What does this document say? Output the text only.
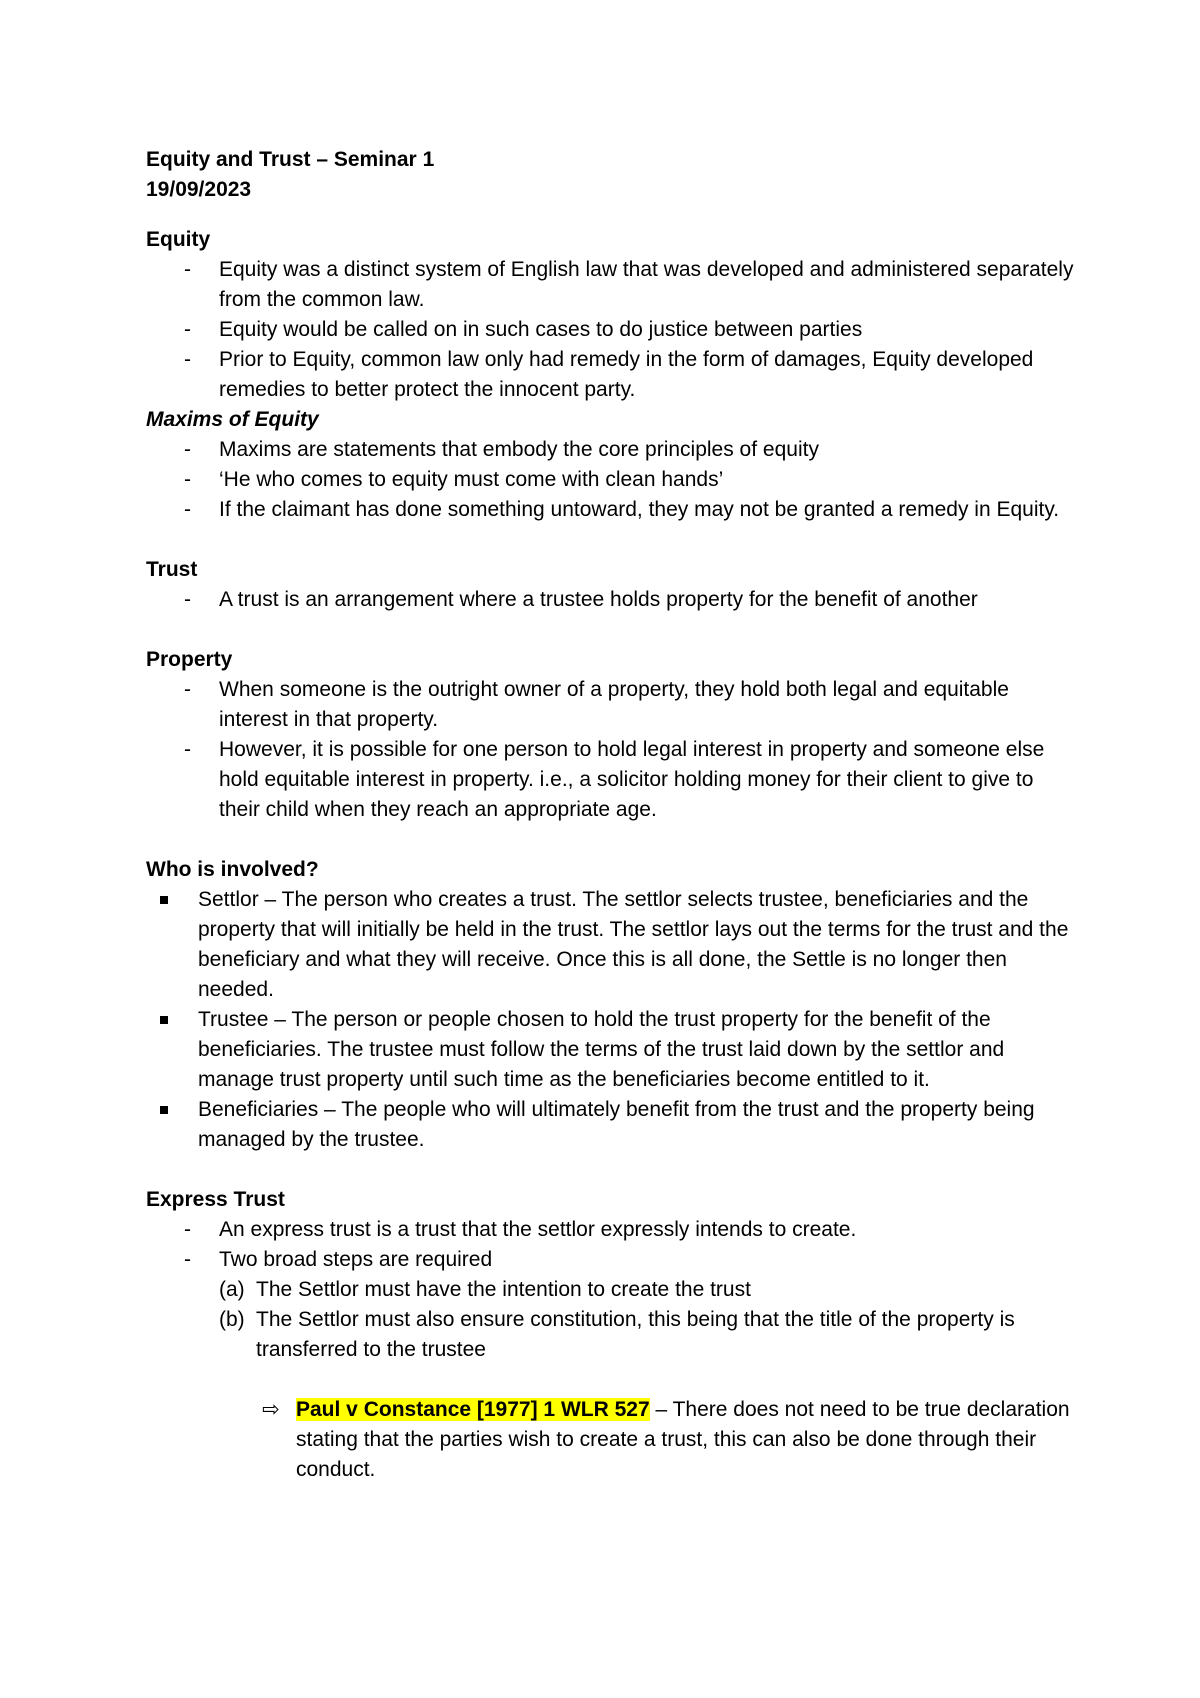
Equity and Trust – Seminar 1
19/09/2023
Equity
- Equity was a distinct system of English law that was developed and administered separately from the common law.
- Equity would be called on in such cases to do justice between parties
- Prior to Equity, common law only had remedy in the form of damages, Equity developed remedies to better protect the innocent party.
Maxims of Equity
- Maxims are statements that embody the core principles of equity
- ‘He who comes to equity must come with clean hands’
- If the claimant has done something untoward, they may not be granted a remedy in Equity.
Trust
- A trust is an arrangement where a trustee holds property for the benefit of another
Property
- When someone is the outright owner of a property, they hold both legal and equitable interest in that property.
- However, it is possible for one person to hold legal interest in property and someone else hold equitable interest in property. i.e., a solicitor holding money for their client to give to their child when they reach an appropriate age.
Who is involved?
Settlor – The person who creates a trust. The settlor selects trustee, beneficiaries and the property that will initially be held in the trust. The settlor lays out the terms for the trust and the beneficiary and what they will receive. Once this is all done, the Settle is no longer then needed.
Trustee – The person or people chosen to hold the trust property for the benefit of the beneficiaries. The trustee must follow the terms of the trust laid down by the settlor and manage trust property until such time as the beneficiaries become entitled to it.
Beneficiaries – The people who will ultimately benefit from the trust and the property being managed by the trustee.
Express Trust
- An express trust is a trust that the settlor expressly intends to create.
- Two broad steps are required
(a) The Settlor must have the intention to create the trust
(b) The Settlor must also ensure constitution, this being that the title of the property is transferred to the trustee
⇨ Paul v Constance [1977] 1 WLR 527 – There does not need to be true declaration stating that the parties wish to create a trust, this can also be done through their conduct.
